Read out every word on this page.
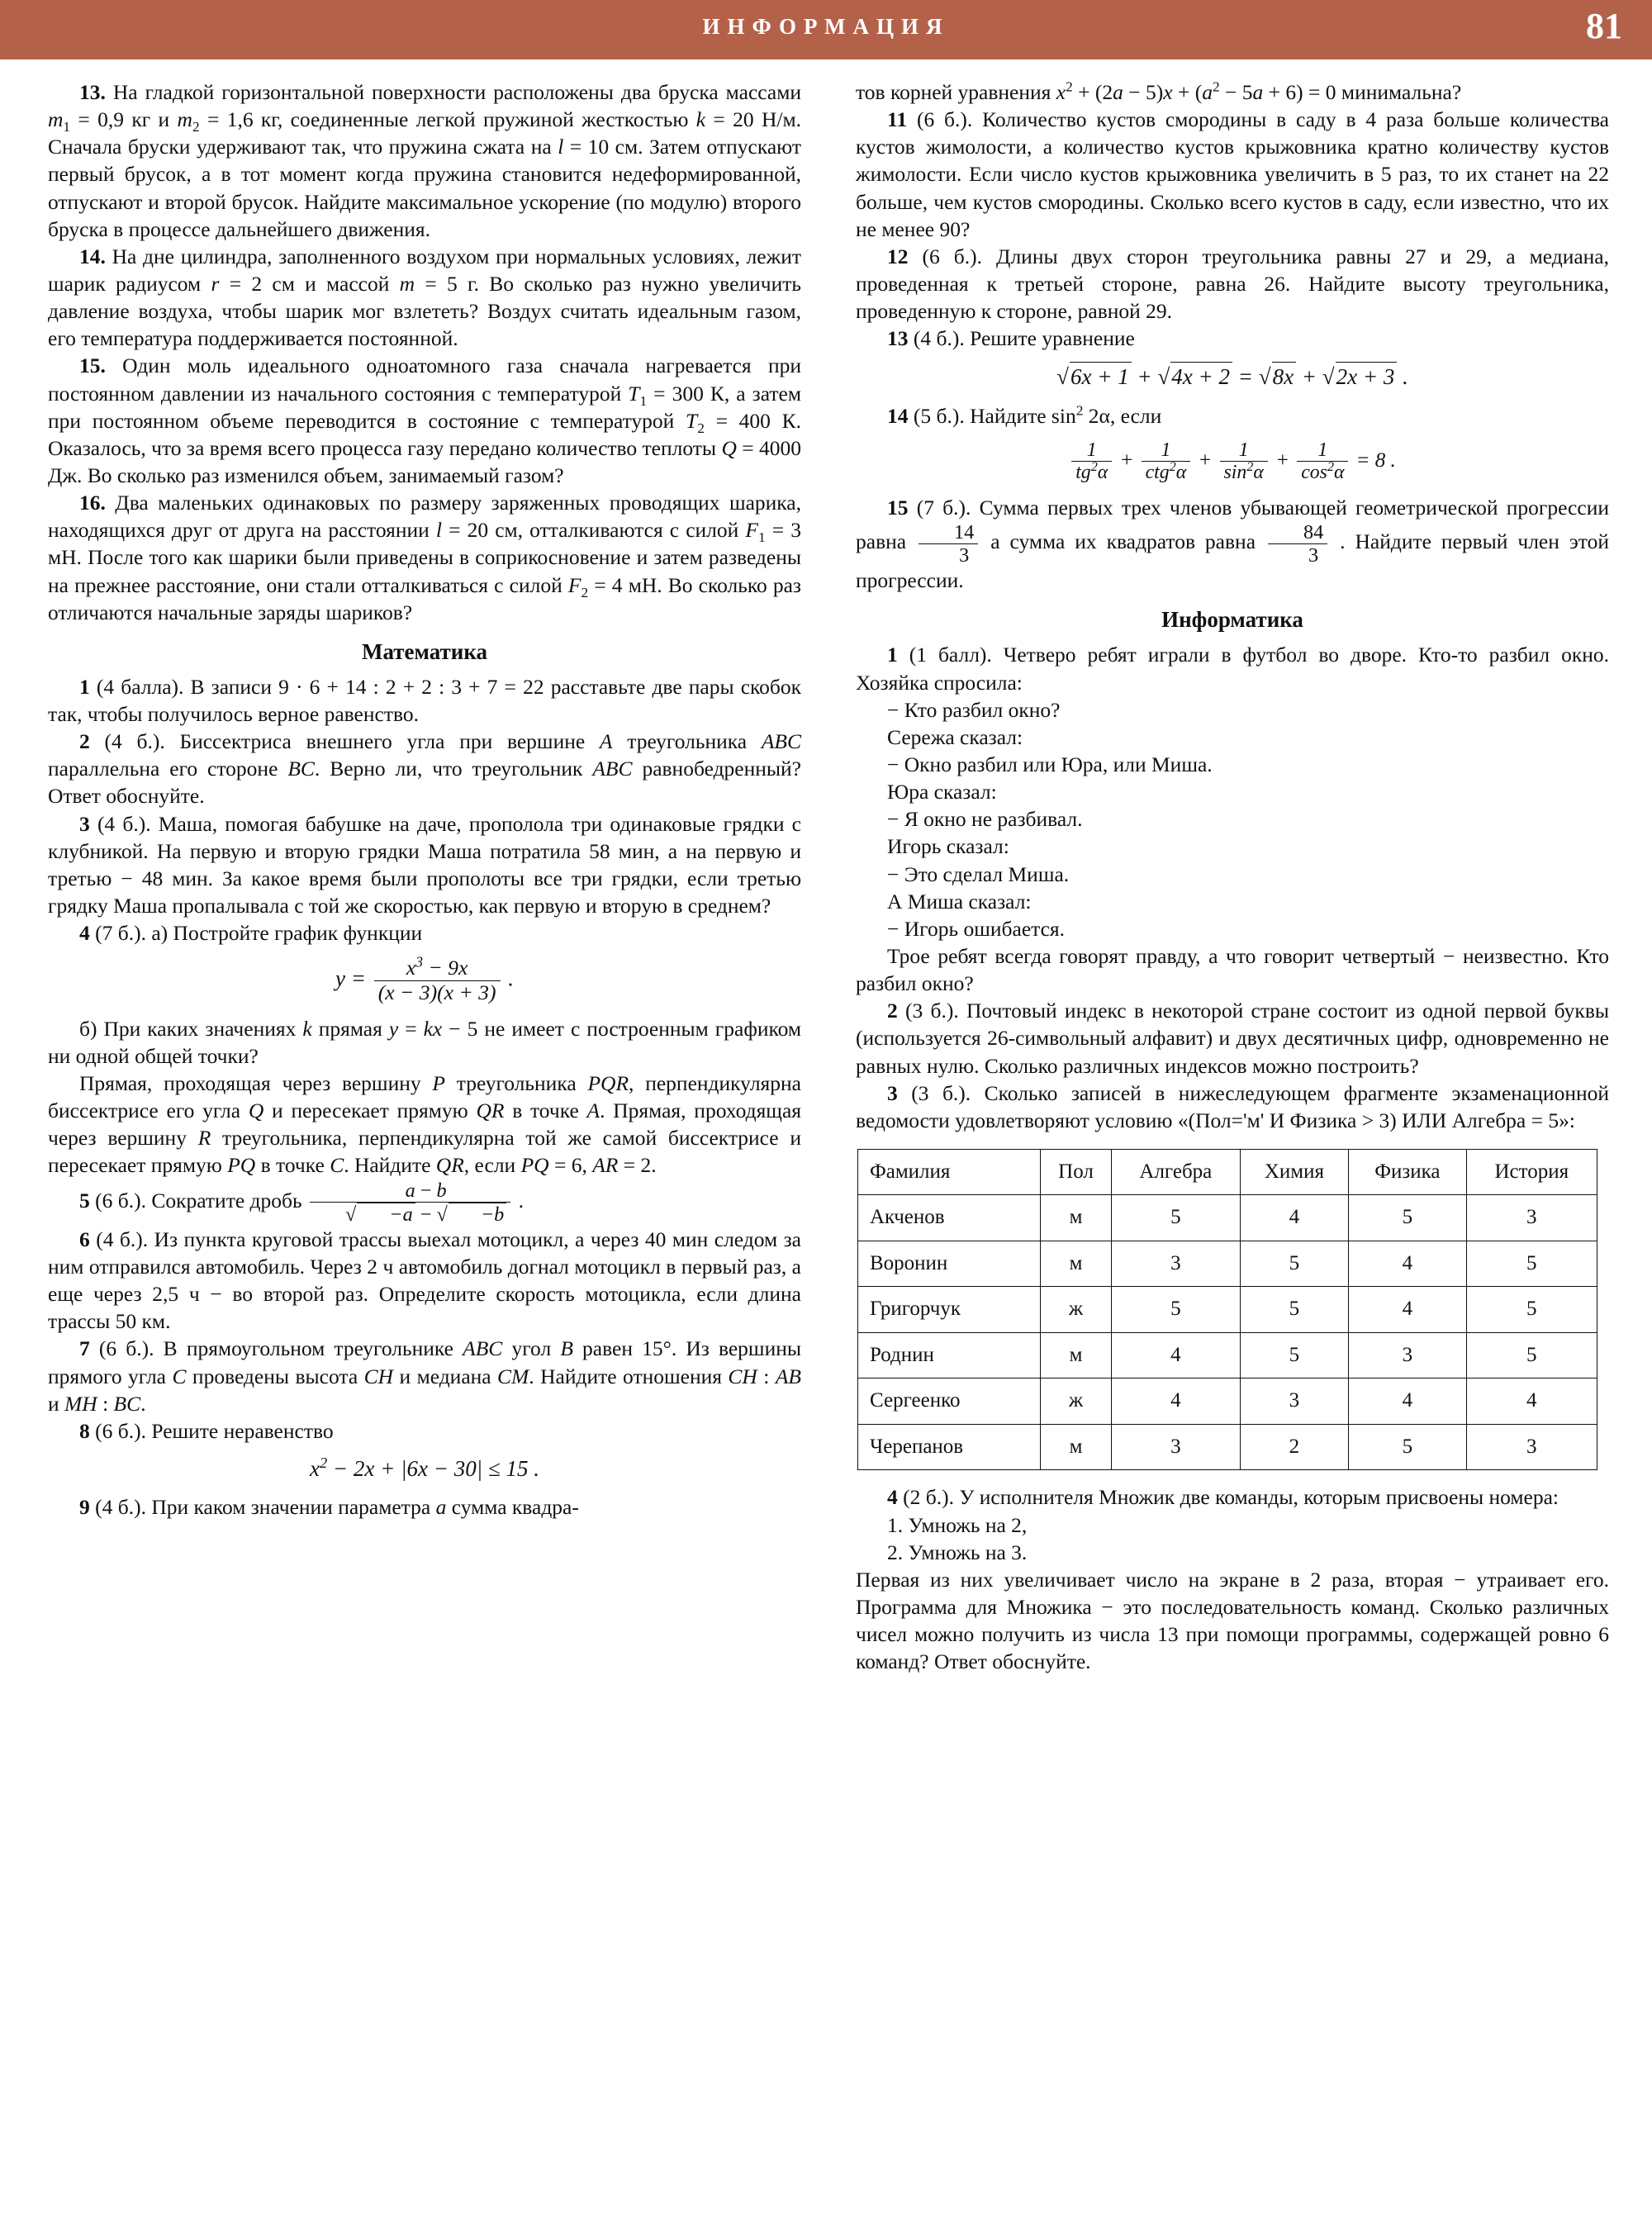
ИНФОРМАЦИЯ	81

13. На гладкой горизонтальной поверхности расположены два бруска массами $m_1 = 0,9$ кг и $m_2 = 1,6$ кг, соединенные легкой пружиной жесткостью k = 20 Н/м. Сначала бруски удерживают так, что пружина сжата на l = 10 см. Затем отпускают первый брусок, а в тот момент когда пружина становится недеформированной, отпускают и второй брусок. Найдите максимальное ускорение (по модулю) второго бруска в процессе дальнейшего движения.

14. На дне цилиндра, заполненного воздухом при нормальных условиях, лежит шарик радиусом r = 2 см и массой m = 5 г. Во сколько раз нужно увеличить давление воздуха, чтобы шарик мог взлететь? Воздух считать идеальным газом, его температура поддерживается постоянной.

15. Один моль идеального одноатомного газа сначала нагревается при постоянном давлении из начального состояния с температурой $T_1 = 300$ К, а затем при постоянном объеме переводится в состояние с температурой $T_2 = 400$ К. Оказалось, что за время всего процесса газу передано количество теплоты Q = 4000 Дж. Во сколько раз изменился объем, занимаемый газом?

16. Два маленьких одинаковых по размеру заряженных проводящих шарика, находящихся друг от друга на расстоянии l = 20 см, отталкиваются с силой $F_1 = 3$ мН. После того как шарики были приведены в соприкосновение и затем разведены на прежнее расстояние, они стали отталкиваться с силой $F_2 = 4$ мН. Во сколько раз отличаются начальные заряды шариков?

Математика

1 (4 балла). В записи 9 · 6 + 14 : 2 + 2 : 3 + 7 = 22 расставьте две пары скобок так, чтобы получилось верное равенство.

2 (4 б.). Биссектриса внешнего угла при вершине A треугольника ABC параллельна его стороне BC. Верно ли, что треугольник ABC равнобедренный? Ответ обоснуйте.

3 (4 б.). Маша, помогая бабушке на даче, прополола три одинаковые грядки с клубникой. На первую и вторую грядки Маша потратила 58 мин, а на первую и третью − 48 мин. За какое время были прополоты все три грядки, если третью грядку Маша пропалывала с той же скоростью, как первую и вторую в среднем?

4 (7 б.). а) Постройте график функции

$y = \frac{x^3 - 9x}{(x - 3)(x + 3)}$ .

б) При каких значениях k прямая y = kx − 5 не имеет с построенным графиком ни одной общей точки?

Прямая, проходящая через вершину P треугольника PQR, перпендикулярна биссектрисе его угла Q и пересекает прямую QR в точке A. Прямая, проходящая через вершину R треугольника, перпендикулярна той же самой биссектрисе и пересекает прямую PQ в точке C. Найдите QR, если PQ = 6, AR = 2.

5 (6 б.). Сократите дробь $\frac{a - b}{√ -a - √ -b}$ .

6 (4 б.). Из пункта круговой трассы выехал мотоцикл, а через 40 мин следом за ним отправился автомобиль. Через 2 ч автомобиль догнал мотоцикл в первый раз, а еще через 2,5 ч − во второй раз. Определите скорость мотоцикла, если длина трассы 50 км.

7 (6 б.). В прямоугольном треугольнике ABC угол B равен 15°. Из вершины прямого угла C проведены высота CH и медиана CM. Найдите отношения CH : AB и MH : BC.

8 (6 б.). Решите неравенство

$x^2 - 2x + |6x - 30| \le 15$ .

9 (4 б.). При каком значении параметра a сумма квадра-

тов корней уравнения $x^2 + (2a - 5)x + (a^2 - 5a + 6) = 0$ минимальна?

11 (6 б.). Количество кустов смородины в саду в 4 раза больше количества кустов жимолости, а количество кустов крыжовника кратно количеству кустов жимолости. Если число кустов крыжовника увеличить в 5 раз, то их станет на 22 больше, чем кустов смородины. Сколько всего кустов в саду, если известно, что их не менее 90?

12 (6 б.). Длины двух сторон треугольника равны 27 и 29, а медиана, проведенная к третьей стороне, равна 26. Найдите высоту треугольника, проведенную к стороне, равной 29.

13 (4 б.). Решите уравнение

√6x + 1 + √4x + 2 = √8x + √2x + 3 .

14 (5 б.). Найдите $\sin^2 2\alpha$, если

$\frac{1}{tg^2\alpha} + \frac{1}{ctg^2\alpha} + \frac{1}{\sin^2\alpha} + \frac{1}{\cos^2\alpha} = 8$ .

15 (7 б.). Сумма первых трех членов убывающей геометрической прогрессии равна $\frac{14}{3}$ а сумма их квадратов равна $\frac{84}{3}$ . Найдите первый член этой прогрессии.

Информатика

1 (1 балл). Четверо ребят играли в футбол во дворе. Кто-то разбил окно. Хозяйка спросила:

− Кто разбил окно?

Сережа сказал:

− Окно разбил или Юра, или Миша.

Юра сказал:

− Я окно не разбивал.

Игорь сказал:

− Это сделал Миша.

А Миша сказал:

− Игорь ошибается.

Трое ребят всегда говорят правду, а что говорит четвертый − неизвестно. Кто разбил окно?

2 (3 б.). Почтовый индекс в некоторой стране состоит из одной первой буквы (используется 26-символьный алфавит) и двух десятичных цифр, одновременно не равных нулю. Сколько различных индексов можно построить?

3 (3 б.). Сколько записей в нижеследующем фрагменте экзаменационной ведомости удовлетворяют условию «(Пол='м' И Физика > 3) ИЛИ Алгебра = 5»:

Фамилия	Пол	Алгебра	Химия	Физика	История
Акченов	м	5	4	5	3
Воронин	м	3	5	4	5
Григорчук	ж	5	5	4	5
Роднин	м	4	5	3	5
Сергеенко	ж	4	3	4	4
Черепанов	м	3	2	5	3

4 (2 б.). У исполнителя Множик две команды, которым присвоены номера:

1. Умножь на 2,

2. Умножь на 3.

Первая из них увеличивает число на экране в 2 раза, вторая − утраивает его. Программа для Множика − это последовательность команд. Сколько различных чисел можно получить из числа 13 при помощи программы, содержащей ровно 6 команд? Ответ обоснуйте.
